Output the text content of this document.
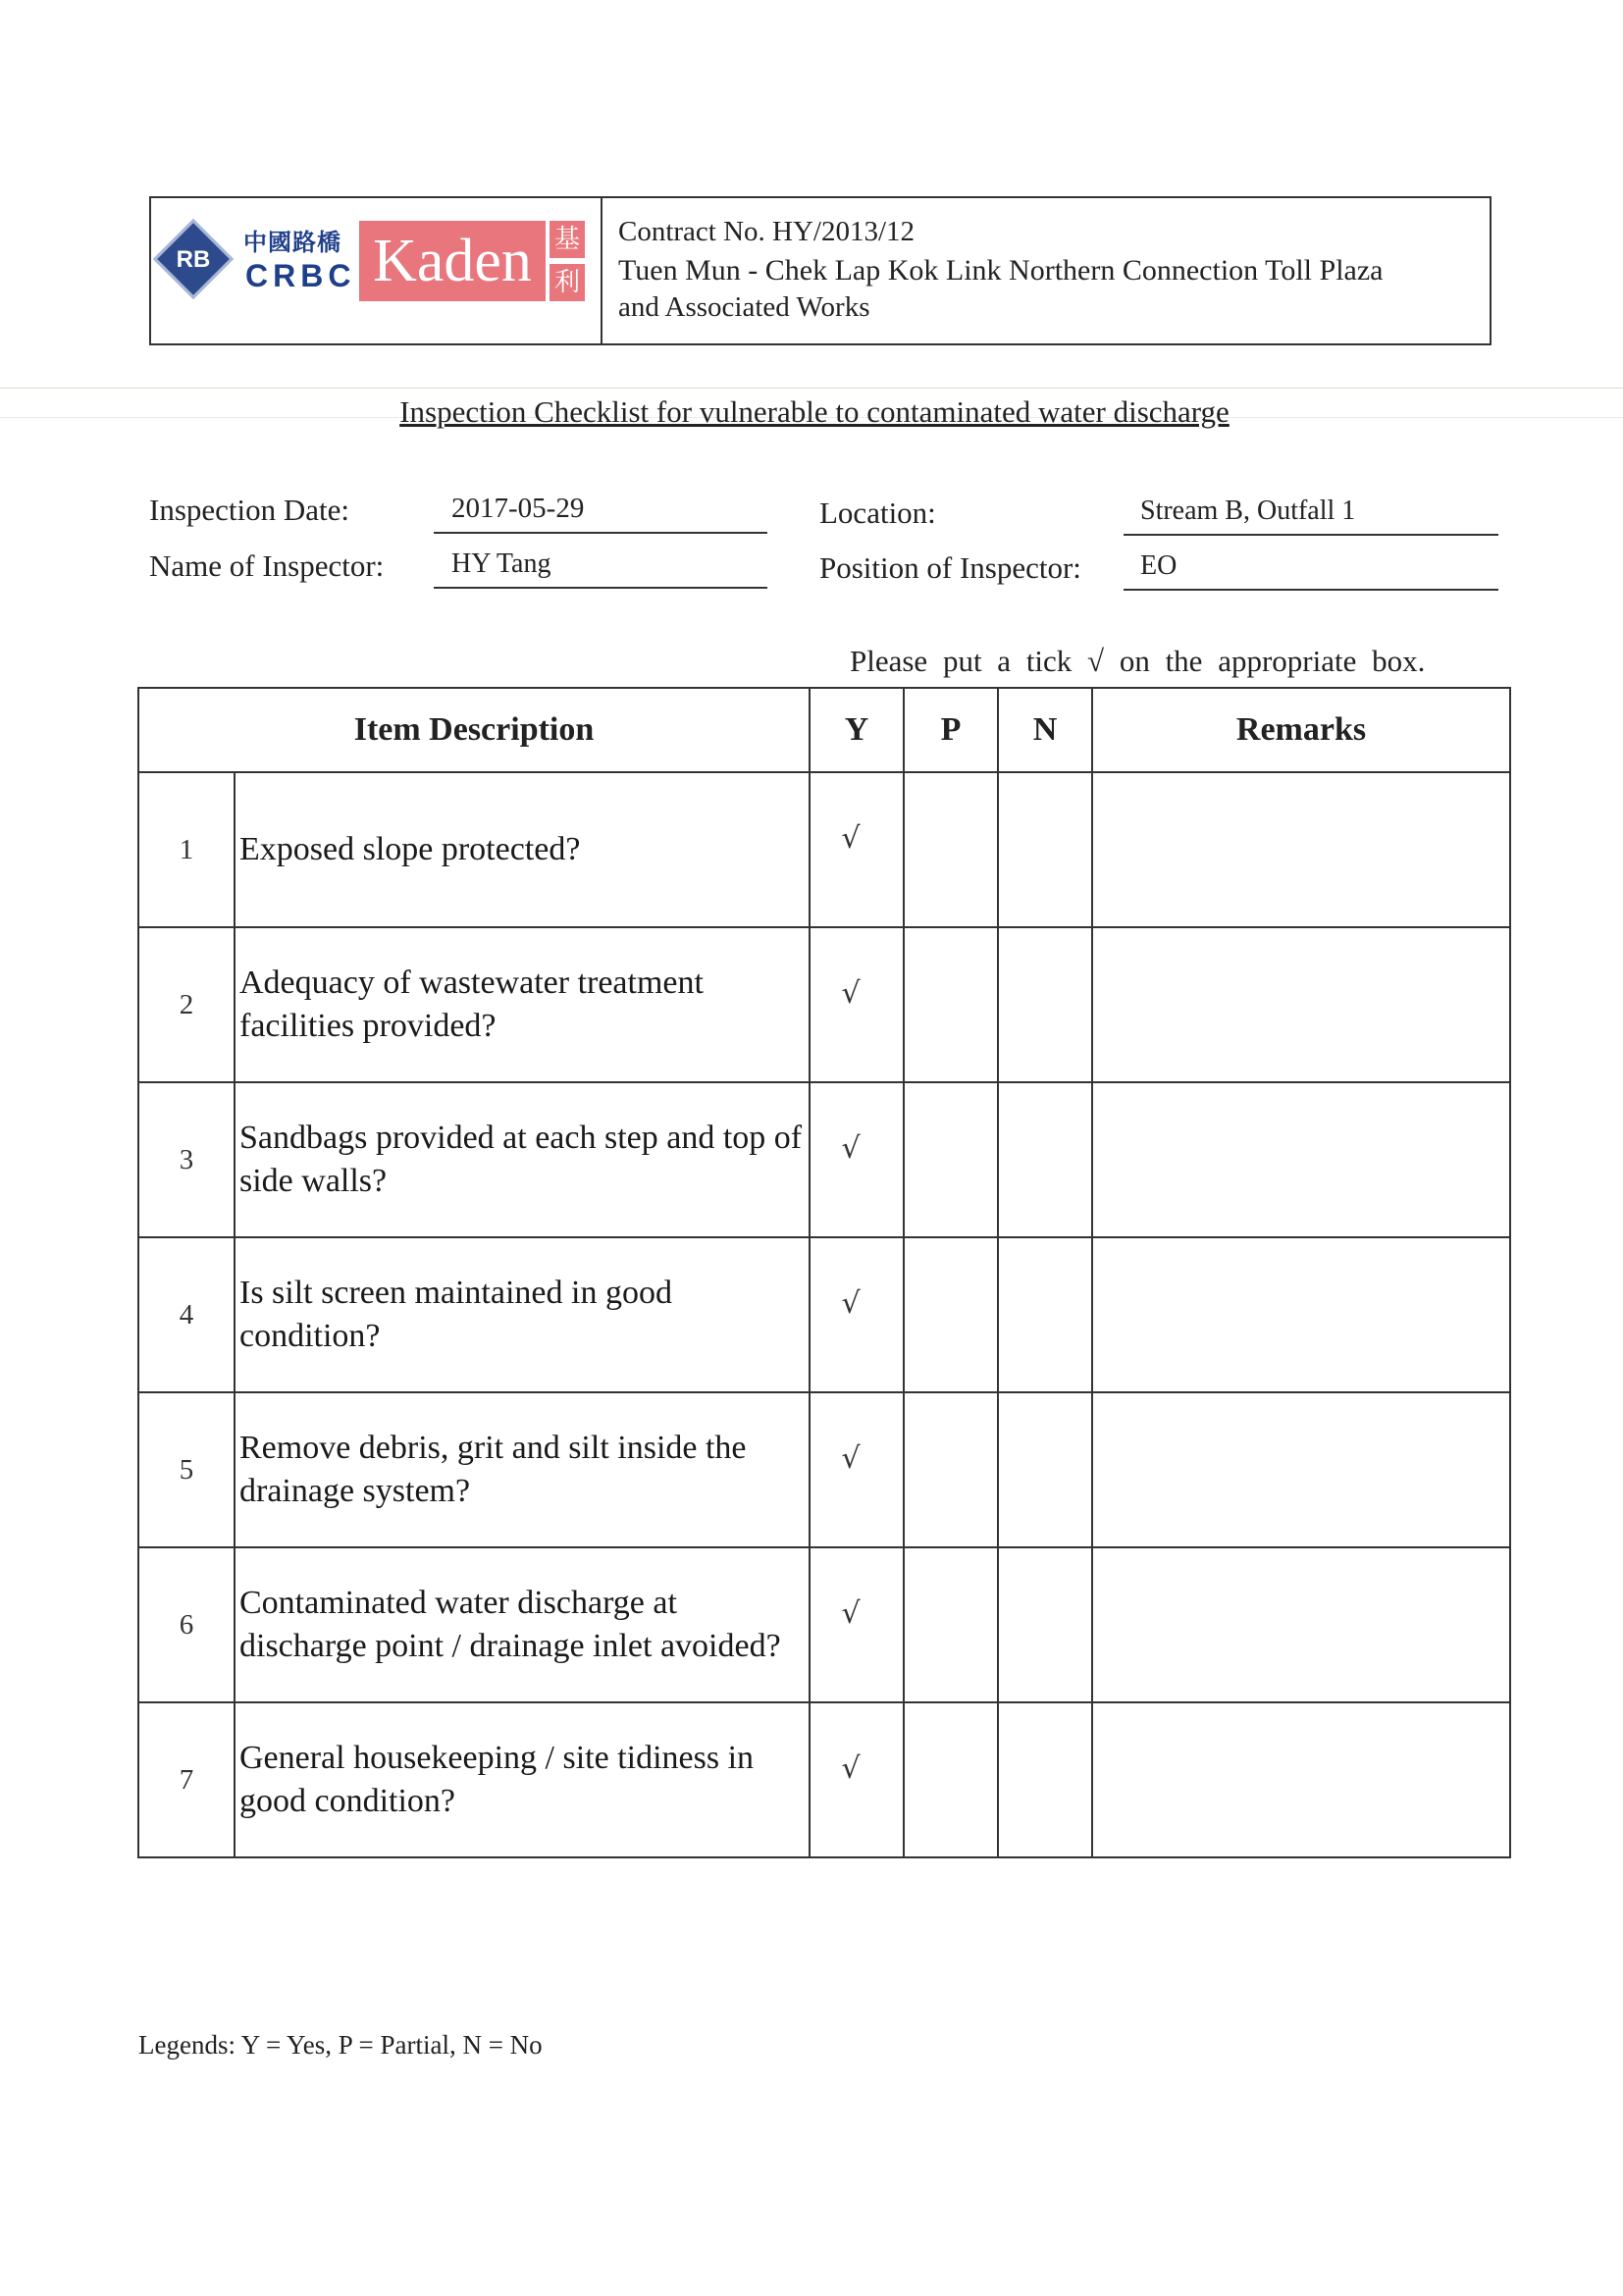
RB
中國路橋
CRBC Kaden 基
利
Contract No. HY/2013/12
Tuen Mun - Chek Lap Kok Link Northern Connection Toll Plaza
and Associated Works
Inspection Checklist for vulnerable to contaminated water discharge
Inspection Date:	2017-05-29	Location:	Stream B, Outfall 1
Name of Inspector: HY Tang	Position of Inspector: EO
Please put a tick √ on the appropriate box.
Item Description		Y	P	N	Remarks
1	Exposed slope protected?	√			
2	Adequacy of wastewater treatment facilities provided?	√			
3	Sandbags provided at each step and top of side walls?	√			
4	Is silt screen maintained in good condition?	√			
5	Remove debris, grit and silt inside the drainage system?	√			
6	Contaminated water discharge at discharge point / drainage inlet avoided?	√			
7	General housekeeping / site tidiness in good condition?	√			
Legends: Y = Yes, P = Partial, N = No
